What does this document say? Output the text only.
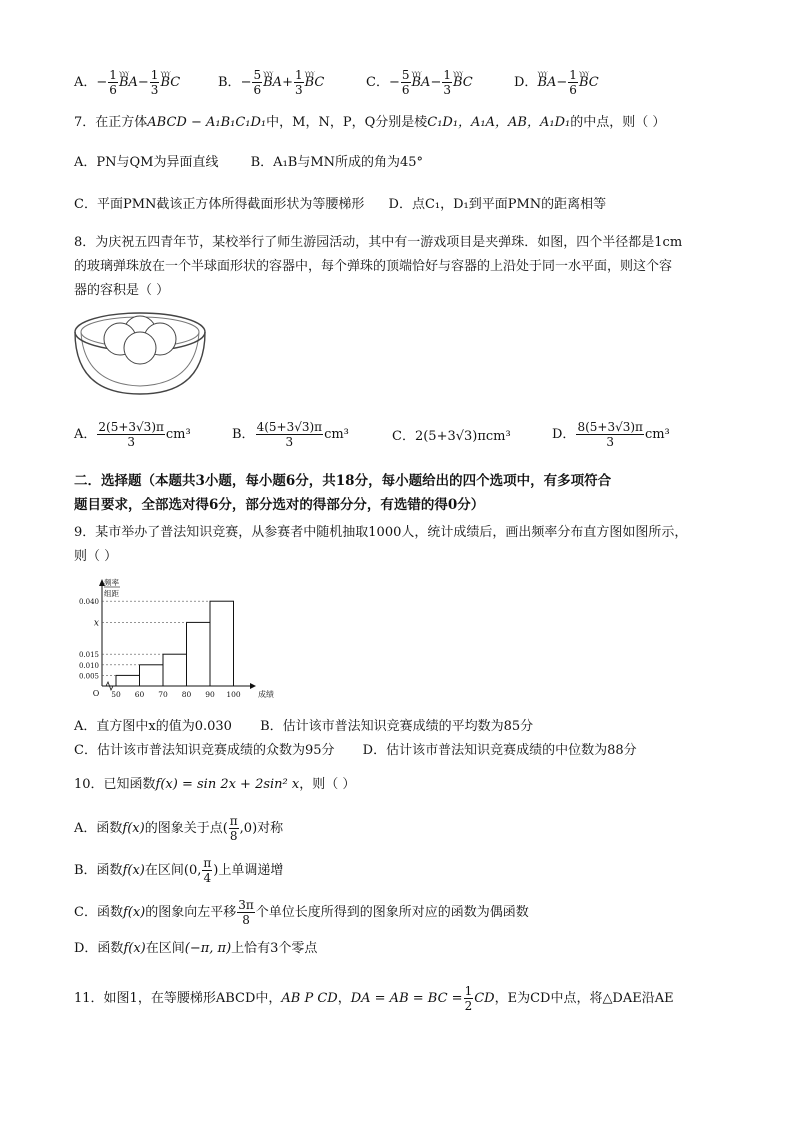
A．− $\frac{1}{6}$ ⲩⲩⲩ $BA- \frac{1}{3}$ ⲩⲩⲩ BC	B．− $\frac{5}{6}$ ⲩⲩⲩ $BA+ \frac{1}{3}$ ⲩⲩⲩ BC	C．− $\frac{5}{6}$ ⲩⲩⲩ $BA- \frac{1}{3}$ ⲩⲩⲩ BC	D．ⲩⲩⲩ $BA- \frac{1}{6}$ ⲩⲩⲩ BC
7．在正方体ABCD − A₁B₁C₁D₁中，M，N，P，Q分别是棱C₁D₁，A₁A，AB，A₁D₁的中点，则（ ）
A．PN与QM为异面直线 B．A₁B与MN所成的角为45°
C．平面PMN截该正方体所得截面形状为等腰梯形 D．点C₁，D₁到平面PMN的距离相等
8．为庆祝五四青年节，某校举行了师生游园活动，其中有一游戏项目是夹弹珠．如图，四个半径都是1cm
的玻璃弹珠放在一个半球面形状的容器中，每个弹珠的顶端恰好与容器的上沿处于同一水平面，则这个容
器的容积是（ ）
A． $\frac{2(5+3√3)\pi}{3} cm^3$	B． $\frac{4(5+3√3)\pi}{3} cm^3$	C．2(5+3√3)πcm³	D． $\frac{8(5+3√3)\pi}{3} cm^3$
二．选择题（本题共3小题，每小题6分，共18分，每小题给出的四个选项中，有多项符合
题目要求，全部选对得6分，部分选对的得部分分，有选错的得0分）
9．某市举办了普法知识竞赛，从参赛者中随机抽取1000人，统计成绩后，画出频率分布直方图如图所示，
则（ ）
频率
组距
成绩
O
0.005
0.010
0.015
x
0.040
50 60 70 80 90 100
A．直方图中x的值为0.030 B．估计该市普法知识竞赛成绩的平均数为85分
C．估计该市普法知识竞赛成绩的众数为95分 D．估计该市普法知识竞赛成绩的中位数为88分
10．已知函数f(x) = sin 2x + 2sin² x，则（ ）
A．函数f(x)的图象关于点( $\frac{\pi}{8} ,0$)对称
B．函数f(x)在区间(0, $\frac{\pi}{4}$ )上单调递增
C．函数f(x)的图象向左平移 $\frac{3\pi}{8}$ 个单位长度所得到的图象所对应的函数为偶函数
D．函数f(x)在区间(−π, π)上恰有3个零点
11．如图1，在等腰梯形ABCD中，AB P CD，DA = AB = BC = $\frac{1}{2}$ CD，E为CD中点，将△DAE沿AE
